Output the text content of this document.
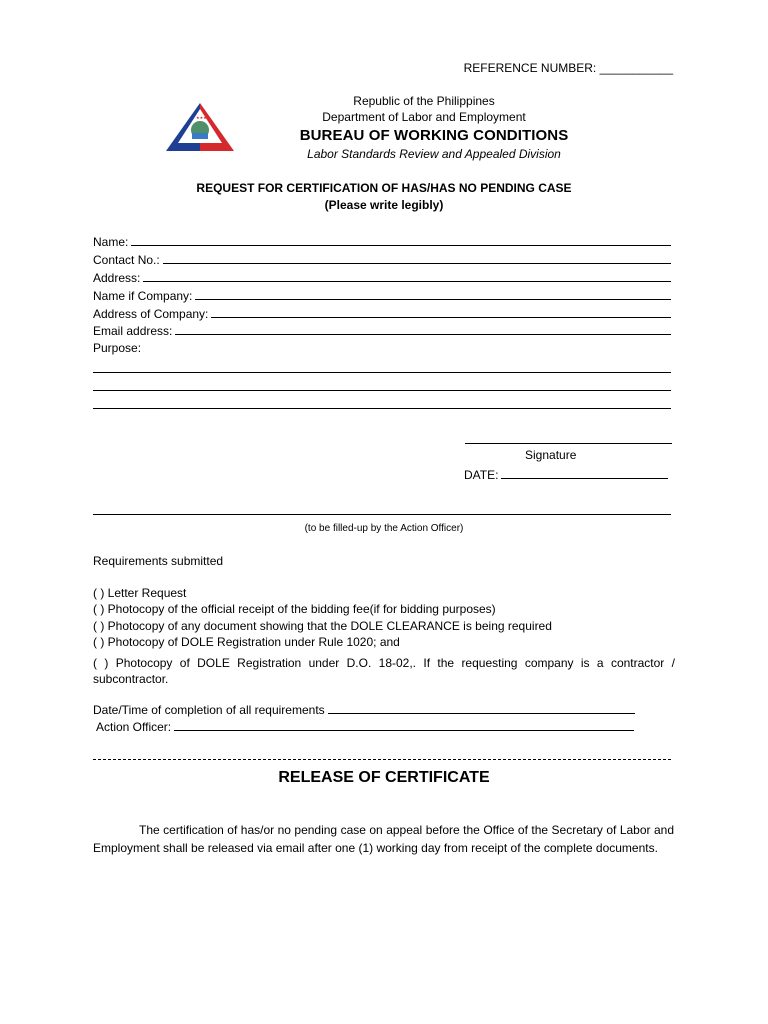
REFERENCE NUMBER: ___________
★★★
Republic of the Philippines
Department of Labor and Employment
BUREAU OF WORKING CONDITIONS
Labor Standards Review and Appealed Division
REQUEST FOR CERTIFICATION OF HAS/HAS NO PENDING CASE
(Please write legibly)
Name:
Contact No.:
Address:
Name if Company:
Address of Company:
Email address:
Purpose:
Signature
DATE:
(to be filled-up by the Action Officer)
Requirements submitted
( ) Letter Request
( ) Photocopy of the official receipt of the bidding fee(if for bidding purposes)
( ) Photocopy of any document showing that the DOLE CLEARANCE is being required
( ) Photocopy of DOLE Registration under Rule 1020; and
( ) Photocopy of DOLE Registration under D.O. 18-02,. If the requesting company is a contractor /
subcontractor.
Date/Time of completion of all requirements
Action Officer:
RELEASE OF CERTIFICATE
The certification of has/or no pending case on appeal before the Office of the Secretary of Labor and Employment shall be released via email after one (1) working day from receipt of the complete documents.
